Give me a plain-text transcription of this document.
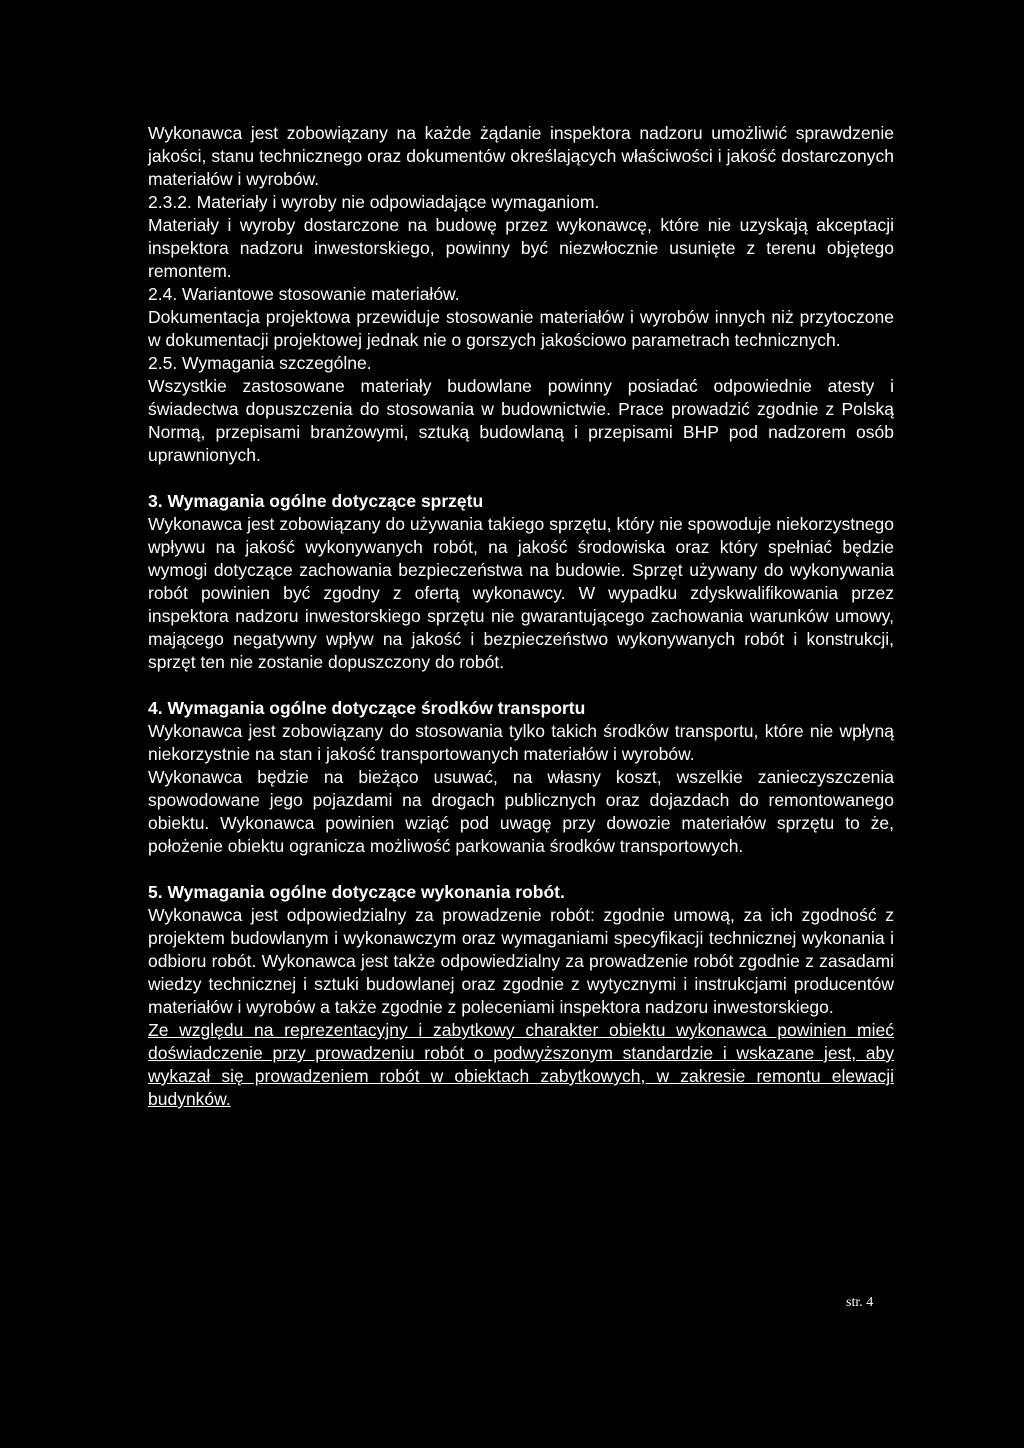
Wykonawca jest zobowiązany na każde żądanie inspektora nadzoru umożliwić sprawdzenie jakości, stanu technicznego oraz dokumentów określających właściwości i jakość dostarczonych materiałów i wyrobów.

2.3.2. Materiały i wyroby nie odpowiadające wymaganiom.

Materiały i wyroby dostarczone na budowę przez wykonawcę, które nie uzyskają akceptacji inspektora nadzoru inwestorskiego, powinny być niezwłocznie usunięte z terenu objętego remontem.

2.4. Wariantowe stosowanie materiałów.

Dokumentacja projektowa przewiduje stosowanie materiałów i wyrobów innych niż przytoczone w dokumentacji projektowej jednak nie o gorszych jakościowo parametrach technicznych.

2.5. Wymagania szczególne.

Wszystkie zastosowane materiały budowlane powinny posiadać odpowiednie atesty i świadectwa dopuszczenia do stosowania w budownictwie. Prace prowadzić zgodnie z Polską Normą, przepisami branżowymi, sztuką budowlaną i przepisami BHP pod nadzorem osób uprawnionych.

3. Wymagania ogólne dotyczące sprzętu

Wykonawca jest zobowiązany do używania takiego sprzętu, który nie spowoduje niekorzystnego wpływu na jakość wykonywanych robót, na jakość środowiska oraz który spełniać będzie wymogi dotyczące zachowania bezpieczeństwa na budowie. Sprzęt używany do wykonywania robót powinien być zgodny z ofertą wykonawcy. W wypadku zdyskwalifikowania przez inspektora nadzoru inwestorskiego sprzętu nie gwarantującego zachowania warunków umowy, mającego negatywny wpływ na jakość i bezpieczeństwo wykonywanych robót i konstrukcji, sprzęt ten nie zostanie dopuszczony do robót.

4. Wymagania ogólne dotyczące środków transportu

Wykonawca jest zobowiązany do stosowania tylko takich środków transportu, które nie wpłyną niekorzystnie na stan i jakość transportowanych materiałów i wyrobów.

Wykonawca będzie na bieżąco usuwać, na własny koszt, wszelkie zanieczyszczenia spowodowane jego pojazdami na drogach publicznych oraz dojazdach do remontowanego obiektu. Wykonawca powinien wziąć pod uwagę przy dowozie materiałów sprzętu to że, położenie obiektu ogranicza możliwość parkowania środków transportowych.

5. Wymagania ogólne dotyczące wykonania robót.

Wykonawca jest odpowiedzialny za prowadzenie robót: zgodnie umową, za ich zgodność z projektem budowlanym i wykonawczym oraz wymaganiami specyfikacji technicznej wykonania i odbioru robót. Wykonawca jest także odpowiedzialny za prowadzenie robót zgodnie z zasadami wiedzy technicznej i sztuki budowlanej oraz zgodnie z wytycznymi i instrukcjami producentów materiałów i wyrobów a także zgodnie z poleceniami inspektora nadzoru inwestorskiego.

Ze względu na reprezentacyjny i zabytkowy charakter obiektu wykonawca powinien mieć doświadczenie przy prowadzeniu robót o podwyższonym standardzie i wskazane jest, aby wykazał się prowadzeniem robót w obiektach zabytkowych, w zakresie remontu elewacji budynków.

str. 4
